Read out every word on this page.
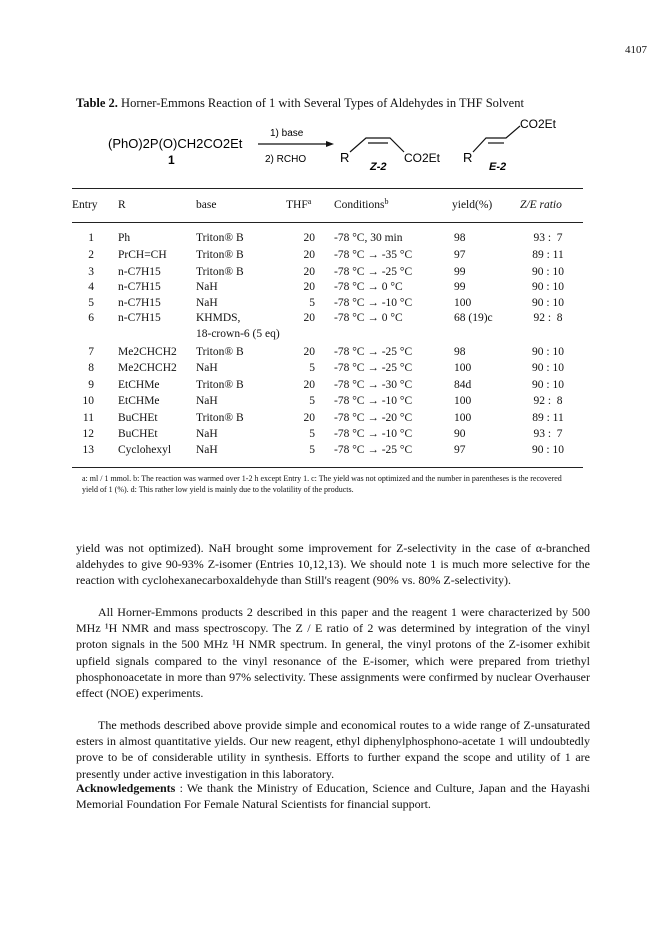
4107
Table 2. Horner-Emmons Reaction of 1 with Several Types of Aldehydes in THF Solvent
(PhO)2P(O)CH2CO2Et
1
1) base
2) RCHO	R	CO2Et
Z-2
R
CO2Et
E-2
Entry	R	base	THF$^a$ Conditions$^b$	yield(%) Z/E ratio
1 Ph	Triton® B	20 -78 °C, 30 min	98	93 :  7
2 PrCH=CH	Triton® B	20 -78 °C → -35 °C	97	89 : 11
3 n-C7H15	Triton® B	20 -78 °C → -25 °C	99	90 : 10
4 n-C7H15	NaH	20 -78 °C → 0 °C	99	90 : 10
5 n-C7H15	NaH	5 -78 °C → -10 °C	100	90 : 10
6 n-C7H15	KHMDS,	20 -78 °C → 0 °C	68 (19)c	92 :  8
18-crown-6 (5 eq)
7 Me2CHCH2 Triton® B	20 -78 °C → -25 °C	98	90 : 10
8 Me2CHCH2 NaH	5 -78 °C → -25 °C	100	90 : 10
9 EtCHMe	Triton® B	20 -78 °C → -30 °C	84d	90 : 10
10 EtCHMe	NaH	5 -78 °C → -10 °C	100	92 :  8
11 BuCHEt	Triton® B	20 -78 °C → -20 °C	100	89 : 11
12 BuCHEt	NaH	5 -78 °C → -10 °C	90	93 :  7
13 Cyclohexyl NaH	5 -78 °C → -25 °C	97	90 : 10
a: ml / 1 mmol. b: The reaction was warmed over 1-2 h except Entry 1. c: The yield was not optimized and the number in parentheses is the recovered yield of 1 (%). d: This rather low yield is mainly due to the volatility of the products.
yield was not optimized). NaH brought some improvement for Z-selectivity in the case of α-branched aldehydes to give 90-93% Z-isomer (Entries 10,12,13). We should note 1 is much more selective for the reaction with cyclohexanecarboxaldehyde than Still's reagent (90% vs. 80% Z-selectivity).
All Horner-Emmons products 2 described in this paper and the reagent 1 were characterized by 500 MHz ¹H NMR and mass spectroscopy. The Z / E ratio of 2 was determined by integration of the vinyl proton signals in the 500 MHz ¹H NMR spectrum. In general, the vinyl protons of the Z-isomer exhibit upfield signals compared to the vinyl resonance of the E-isomer, which were prepared from triethyl phosphonoacetate in more than 97% selectivity. These assignments were confirmed by nuclear Overhauser effect (NOE) experiments.
The methods described above provide simple and economical routes to a wide range of Z-unsaturated esters in almost quantitative yields. Our new reagent, ethyl diphenylphosphono-acetate 1 will undoubtedly prove to be of considerable utility in synthesis. Efforts to further expand the scope and utility of 1 are presently under active investigation in this laboratory.
Acknowledgements : We thank the Ministry of Education, Science and Culture, Japan and the Hayashi Memorial Foundation For Female Natural Scientists for financial support.
